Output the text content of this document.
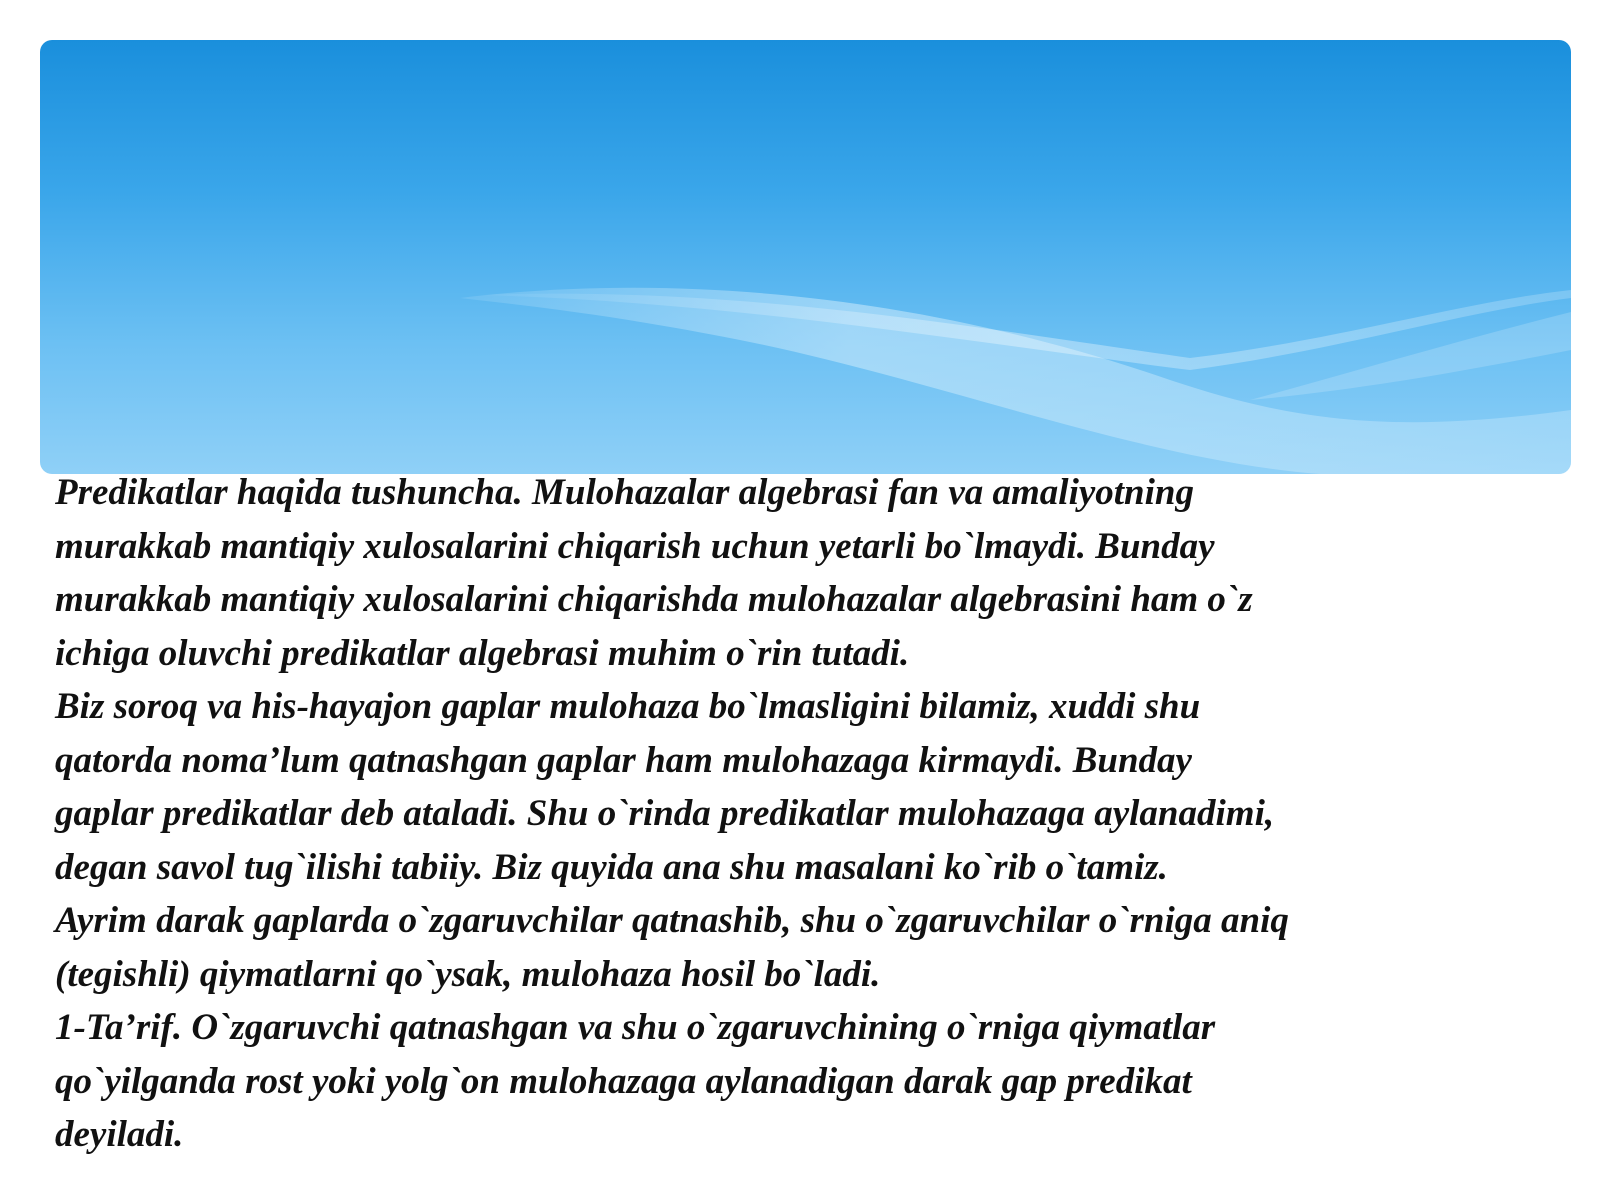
Predikatlar haqida tushuncha. Mulohazalar algebrasi fan va amaliyotning
murakkab mantiqiy xulosalarini chiqarish uchun yetarli bo`lmaydi. Bunday
murakkab mantiqiy xulosalarini chiqarishda mulohazalar algebrasini ham o`z
ichiga oluvchi predikatlar algebrasi muhim o`rin tutadi.
Biz soroq va his-hayajon gaplar mulohaza bo`lmasligini bilamiz, xuddi shu
qatorda noma’lum qatnashgan gaplar ham mulohazaga kirmaydi. Bunday
gaplar predikatlar deb ataladi. Shu o`rinda predikatlar mulohazaga aylanadimi,
degan savol tug`ilishi tabiiy. Biz quyida ana shu masalani ko`rib o`tamiz.
Ayrim darak gaplarda o`zgaruvchilar qatnashib, shu o`zgaruvchilar o`rniga aniq
(tegishli) qiymatlarni qo`ysak, mulohaza hosil bo`ladi.
1-Ta’rif. O`zgaruvchi qatnashgan va shu o`zgaruvchining o`rniga qiymatlar
qo`yilganda rost yoki yolg`on mulohazaga aylanadigan darak gap predikat
deyiladi.
